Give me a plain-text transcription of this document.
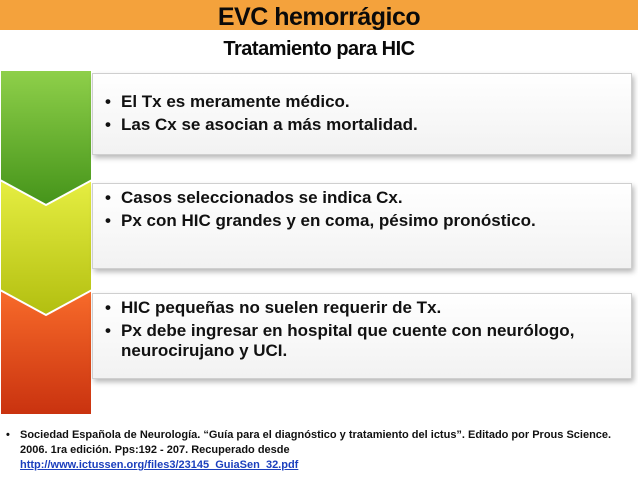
EVC hemorrágico
Tratamiento para HIC
• El Tx es meramente médico.
• Las Cx se asocian a más mortalidad.
• Casos seleccionados se indica Cx.
• Px con HIC grandes y en coma, pésimo pronóstico.
• HIC pequeñas no suelen requerir de Tx.
• Px debe ingresar en hospital que cuente con neurólogo, neurocirujano y UCI.
• Sociedad Española de Neurología. “Guía para el diagnóstico y tratamiento del ictus”. Editado por Prous Science. 2006. 1ra edición. Pps:192 - 207. Recuperado desde
http://www.ictussen.org/files3/23145_GuiaSen_32.pdf
